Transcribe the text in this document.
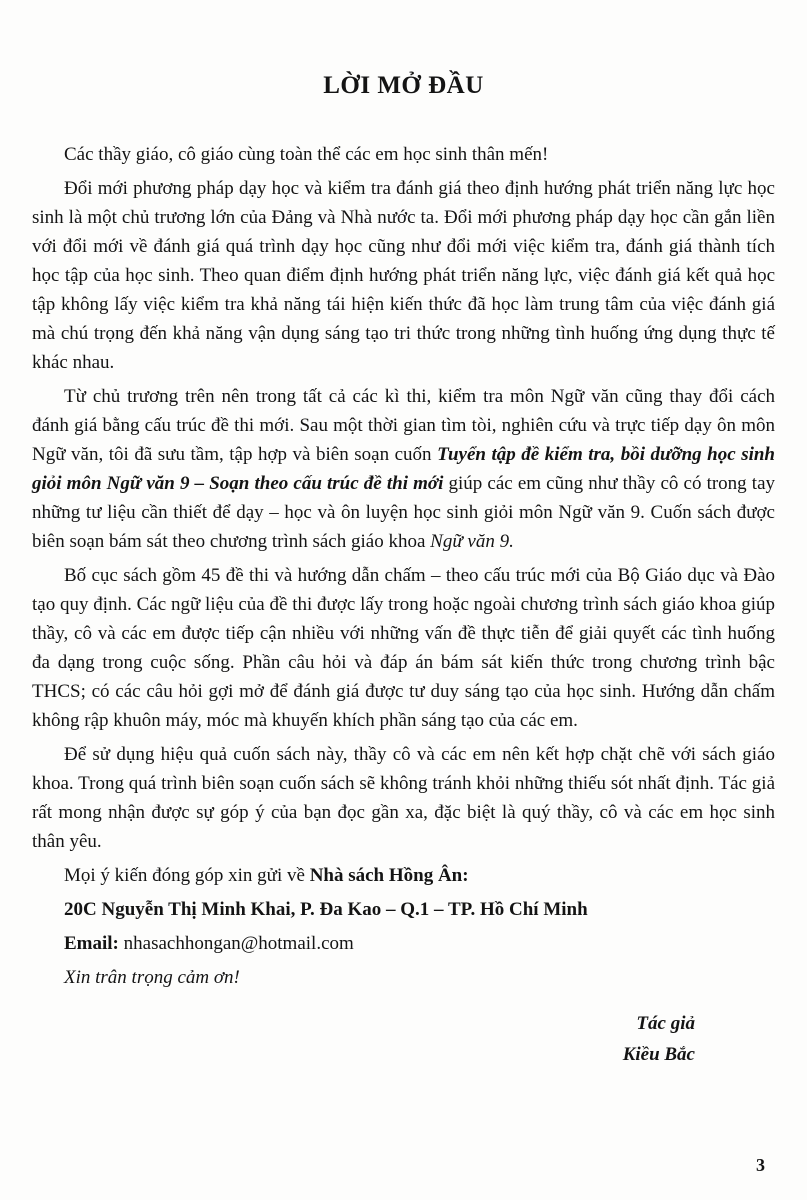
LỜI MỞ ĐẦU

Các thầy giáo, cô giáo cùng toàn thể các em học sinh thân mến!

Đổi mới phương pháp dạy học và kiểm tra đánh giá theo định hướng phát triển năng lực học sinh là một chủ trương lớn của Đảng và Nhà nước ta. Đổi mới phương pháp dạy học cần gắn liền với đổi mới về đánh giá quá trình dạy học cũng như đổi mới việc kiểm tra, đánh giá thành tích học tập của học sinh. Theo quan điểm định hướng phát triển năng lực, việc đánh giá kết quả học tập không lấy việc kiểm tra khả năng tái hiện kiến thức đã học làm trung tâm của việc đánh giá mà chú trọng đến khả năng vận dụng sáng tạo tri thức trong những tình huống ứng dụng thực tế khác nhau.

Từ chủ trương trên nên trong tất cả các kì thi, kiểm tra môn Ngữ văn cũng thay đổi cách đánh giá bằng cấu trúc đề thi mới. Sau một thời gian tìm tòi, nghiên cứu và trực tiếp dạy ôn môn Ngữ văn, tôi đã sưu tầm, tập hợp và biên soạn cuốn Tuyển tập đề kiểm tra, bồi dưỡng học sinh giỏi môn Ngữ văn 9 – Soạn theo cấu trúc đề thi mới giúp các em cũng như thầy cô có trong tay những tư liệu cần thiết để dạy – học và ôn luyện học sinh giỏi môn Ngữ văn 9. Cuốn sách được biên soạn bám sát theo chương trình sách giáo khoa Ngữ văn 9.

Bố cục sách gồm 45 đề thi và hướng dẫn chấm – theo cấu trúc mới của Bộ Giáo dục và Đào tạo quy định. Các ngữ liệu của đề thi được lấy trong hoặc ngoài chương trình sách giáo khoa giúp thầy, cô và các em được tiếp cận nhiều với những vấn đề thực tiễn để giải quyết các tình huống đa dạng trong cuộc sống. Phần câu hỏi và đáp án bám sát kiến thức trong chương trình bậc THCS; có các câu hỏi gợi mở để đánh giá được tư duy sáng tạo của học sinh. Hướng dẫn chấm không rập khuôn máy, móc mà khuyến khích phần sáng tạo của các em.

Để sử dụng hiệu quả cuốn sách này, thầy cô và các em nên kết hợp chặt chẽ với sách giáo khoa. Trong quá trình biên soạn cuốn sách sẽ không tránh khỏi những thiếu sót nhất định. Tác giả rất mong nhận được sự góp ý của bạn đọc gần xa, đặc biệt là quý thầy, cô và các em học sinh thân yêu.

Mọi ý kiến đóng góp xin gửi về Nhà sách Hồng Ân:

20C Nguyễn Thị Minh Khai, P. Đa Kao – Q.1 – TP. Hồ Chí Minh

Email: nhasachhongan@hotmail.com

Xin trân trọng cảm ơn!

Tác giả
Kiều Bắc
3
